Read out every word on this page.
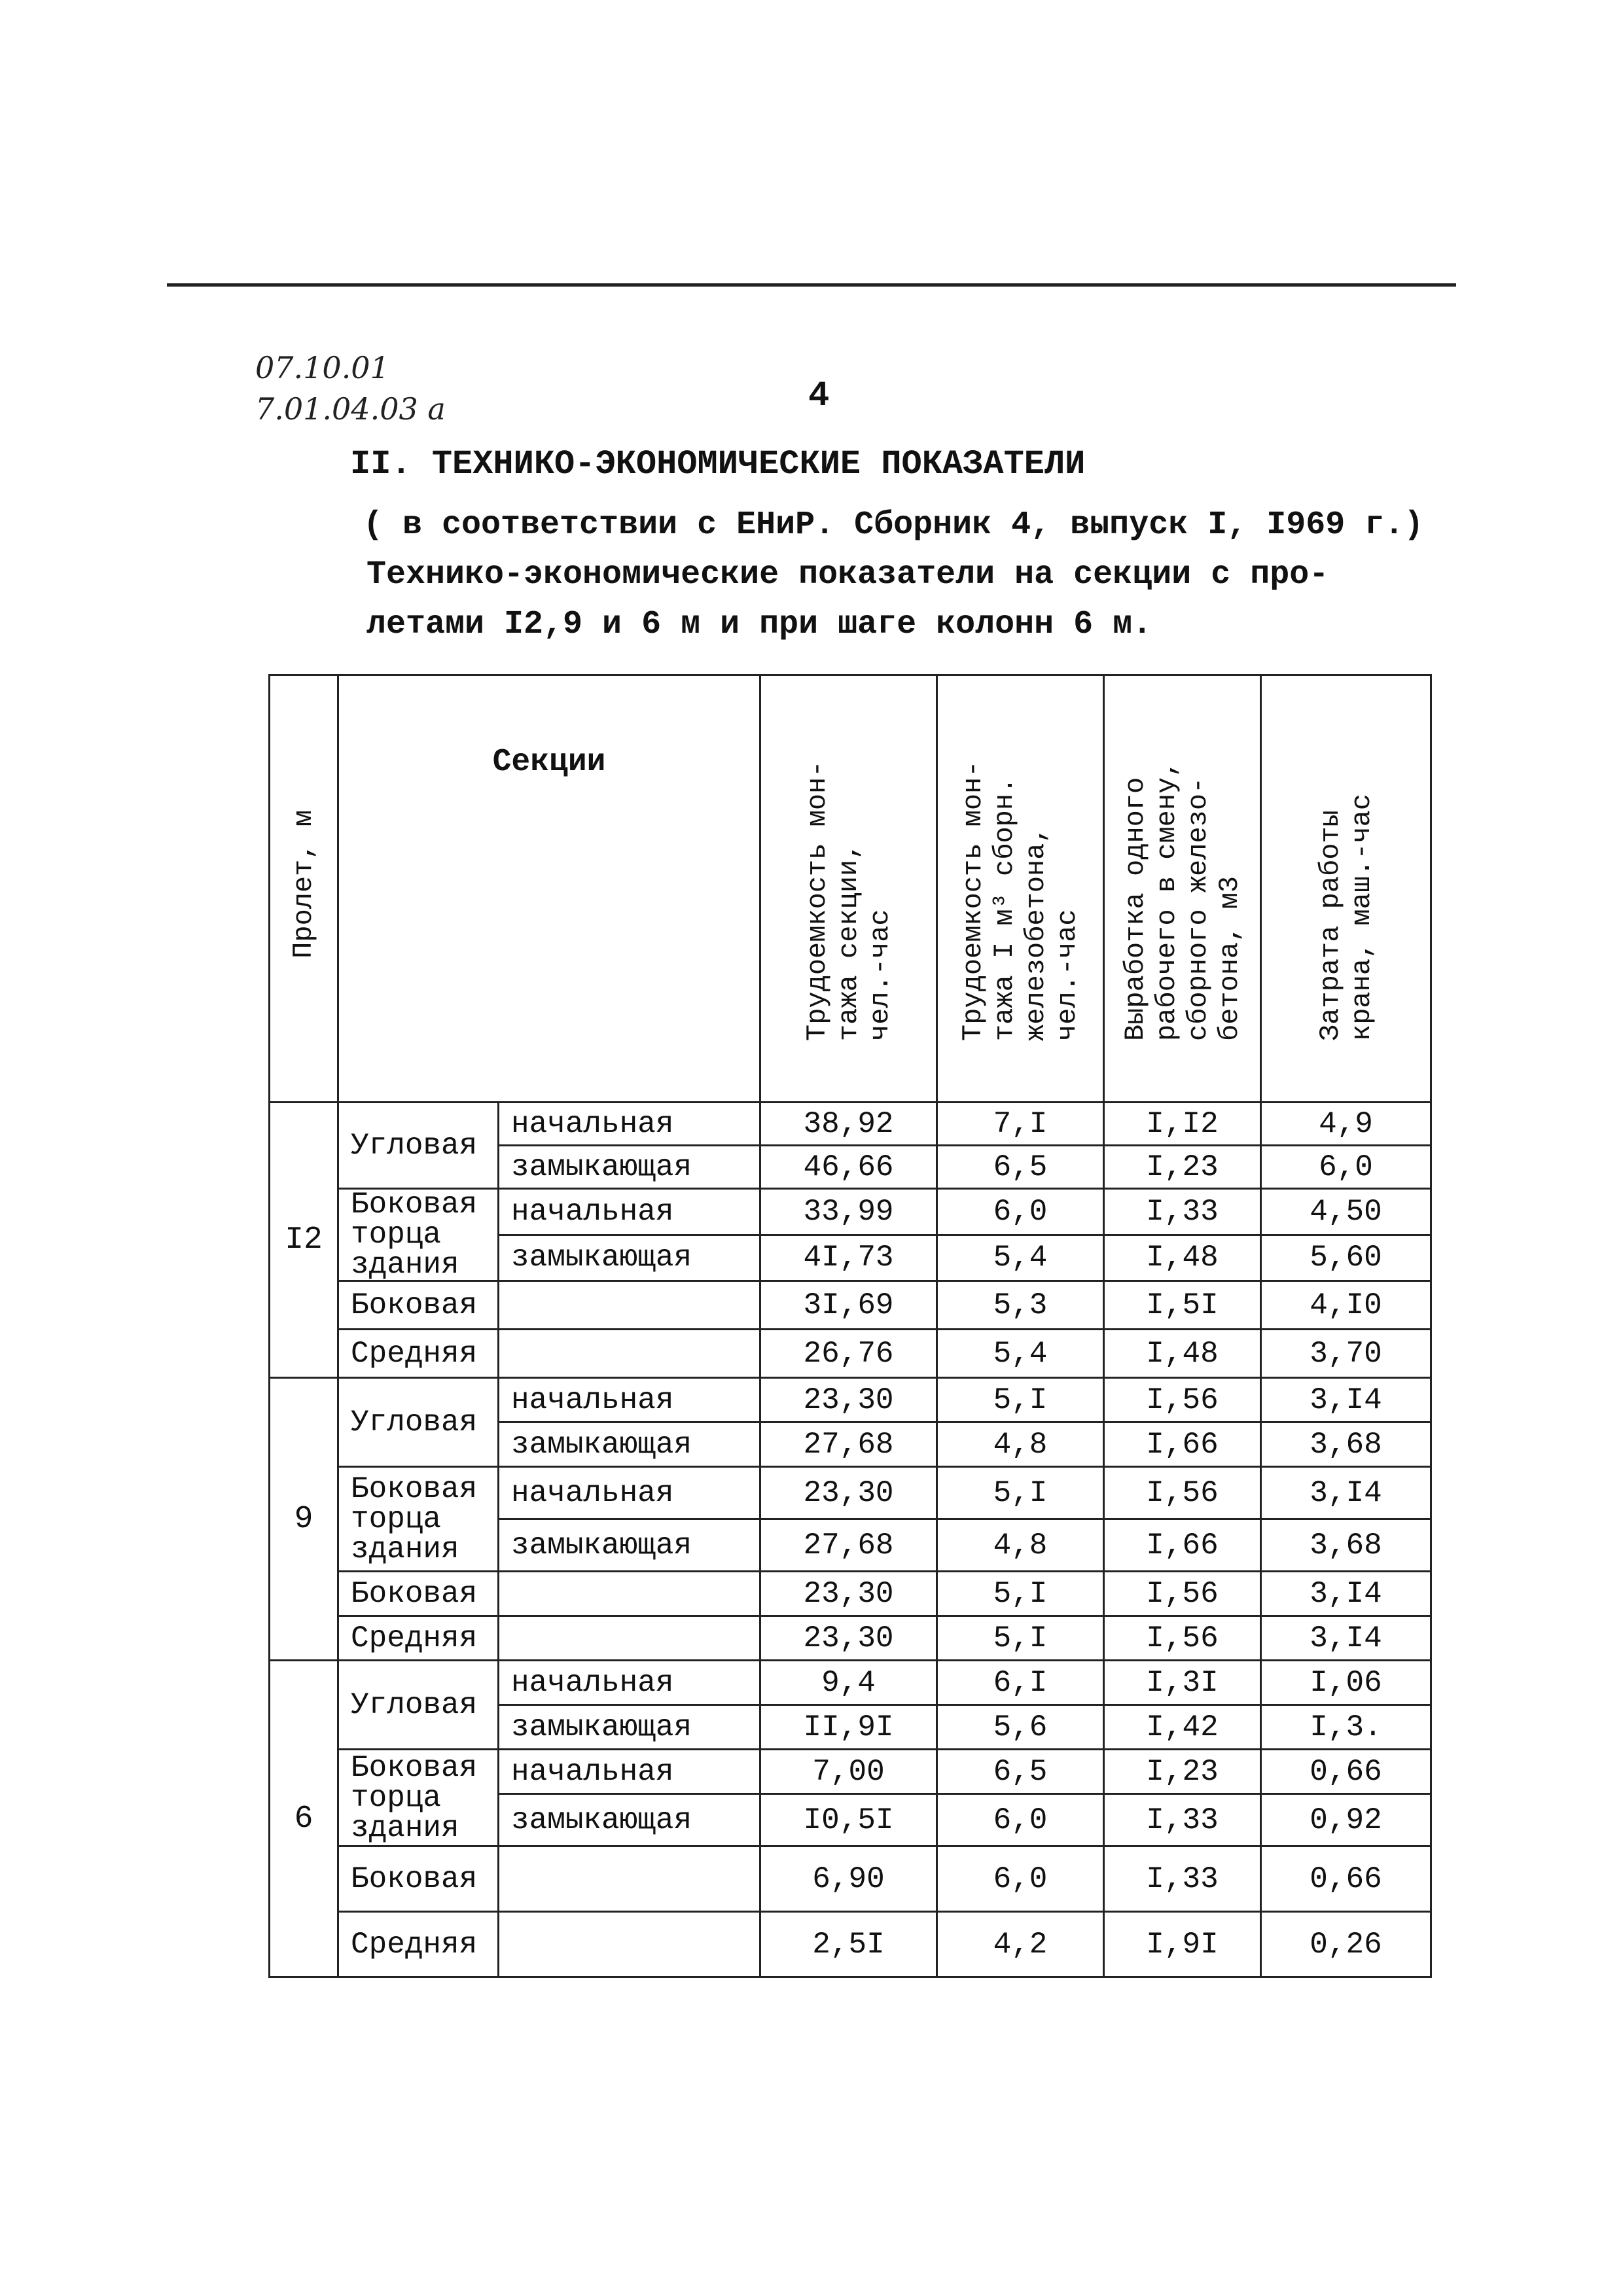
07.10.01
7.01.04.03 а	4
II. ТЕХНИКО-ЭКОНОМИЧЕСКИЕ ПОКАЗАТЕЛИ
( в соответствии с ЕНиР. Сборник 4, выпуск I, I969 г.)
Технико-экономические показатели на секции с про-
летами I2,9 и 6 м и при шаге колонн 6 м.
Пролет, м	Секции		Трудоемкость мон-
тажа секции,
чел.-час	Трудоемкость мон-
тажа I м³ сборн.
железобетона,
чел.-час	Выработка одного
рабочего в смену,
сборного железо-
бетона, м3	Затрата работы
крана, маш.-час
I2	Угловая	начальная	38,92	7,I	I,I2	4,9
		замыкающая	46,66	6,5	I,23	6,0
	Боковая торца здания	начальная	33,99	6,0	I,33	4,50
		замыкающая	4I,73	5,4	I,48	5,60
	Боковая		3I,69	5,3	I,5I	4,I0
	Средняя		26,76	5,4	I,48	3,70
9	Угловая	начальная	23,30	5,I	I,56	3,I4
		замыкающая	27,68	4,8	I,66	3,68
	Боковая торца здания	начальная	23,30	5,I	I,56	3,I4
		замыкающая	27,68	4,8	I,66	3,68
	Боковая		23,30	5,I	I,56	3,I4
	Средняя		23,30	5,I	I,56	3,I4
6	Угловая	начальная	9,4	6,I	I,3I	I,06
		замыкающая	II,9I	5,6	I,42	I,3.
	Боковая торца здания	начальная	7,00	6,5	I,23	0,66
		замыкающая	I0,5I	6,0	I,33	0,92
	Боковая		6,90	6,0	I,33	0,66
	Средняя		2,5I	4,2	I,9I	0,26
